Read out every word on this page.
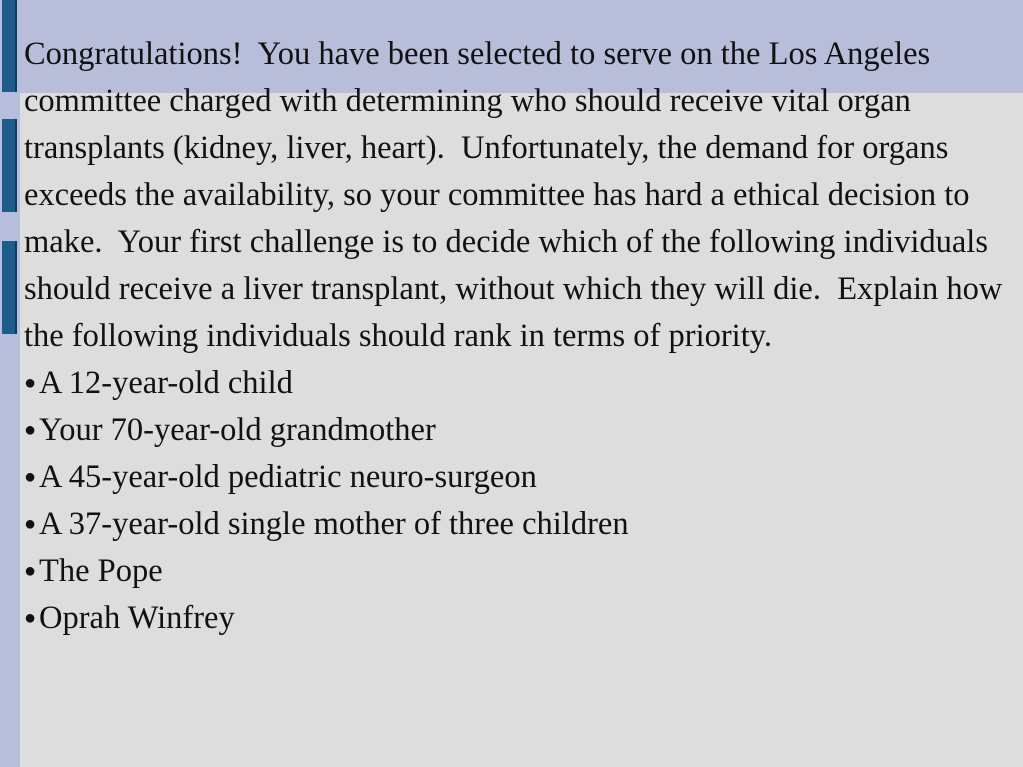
Congratulations!  You have been selected to serve on the Los Angeles committee charged with determining who should receive vital organ transplants (kidney, liver, heart).  Unfortunately, the demand for organs exceeds the availability, so your committee has hard a ethical decision to make.  Your first challenge is to decide which of the following individuals should receive a liver transplant, without which they will die.  Explain how the following individuals should rank in terms of priority.

● A 12-year-old child
● Your 70-year-old grandmother
● A 45-year-old pediatric neuro-surgeon
● A 37-year-old single mother of three children
● The Pope
● Oprah Winfrey
